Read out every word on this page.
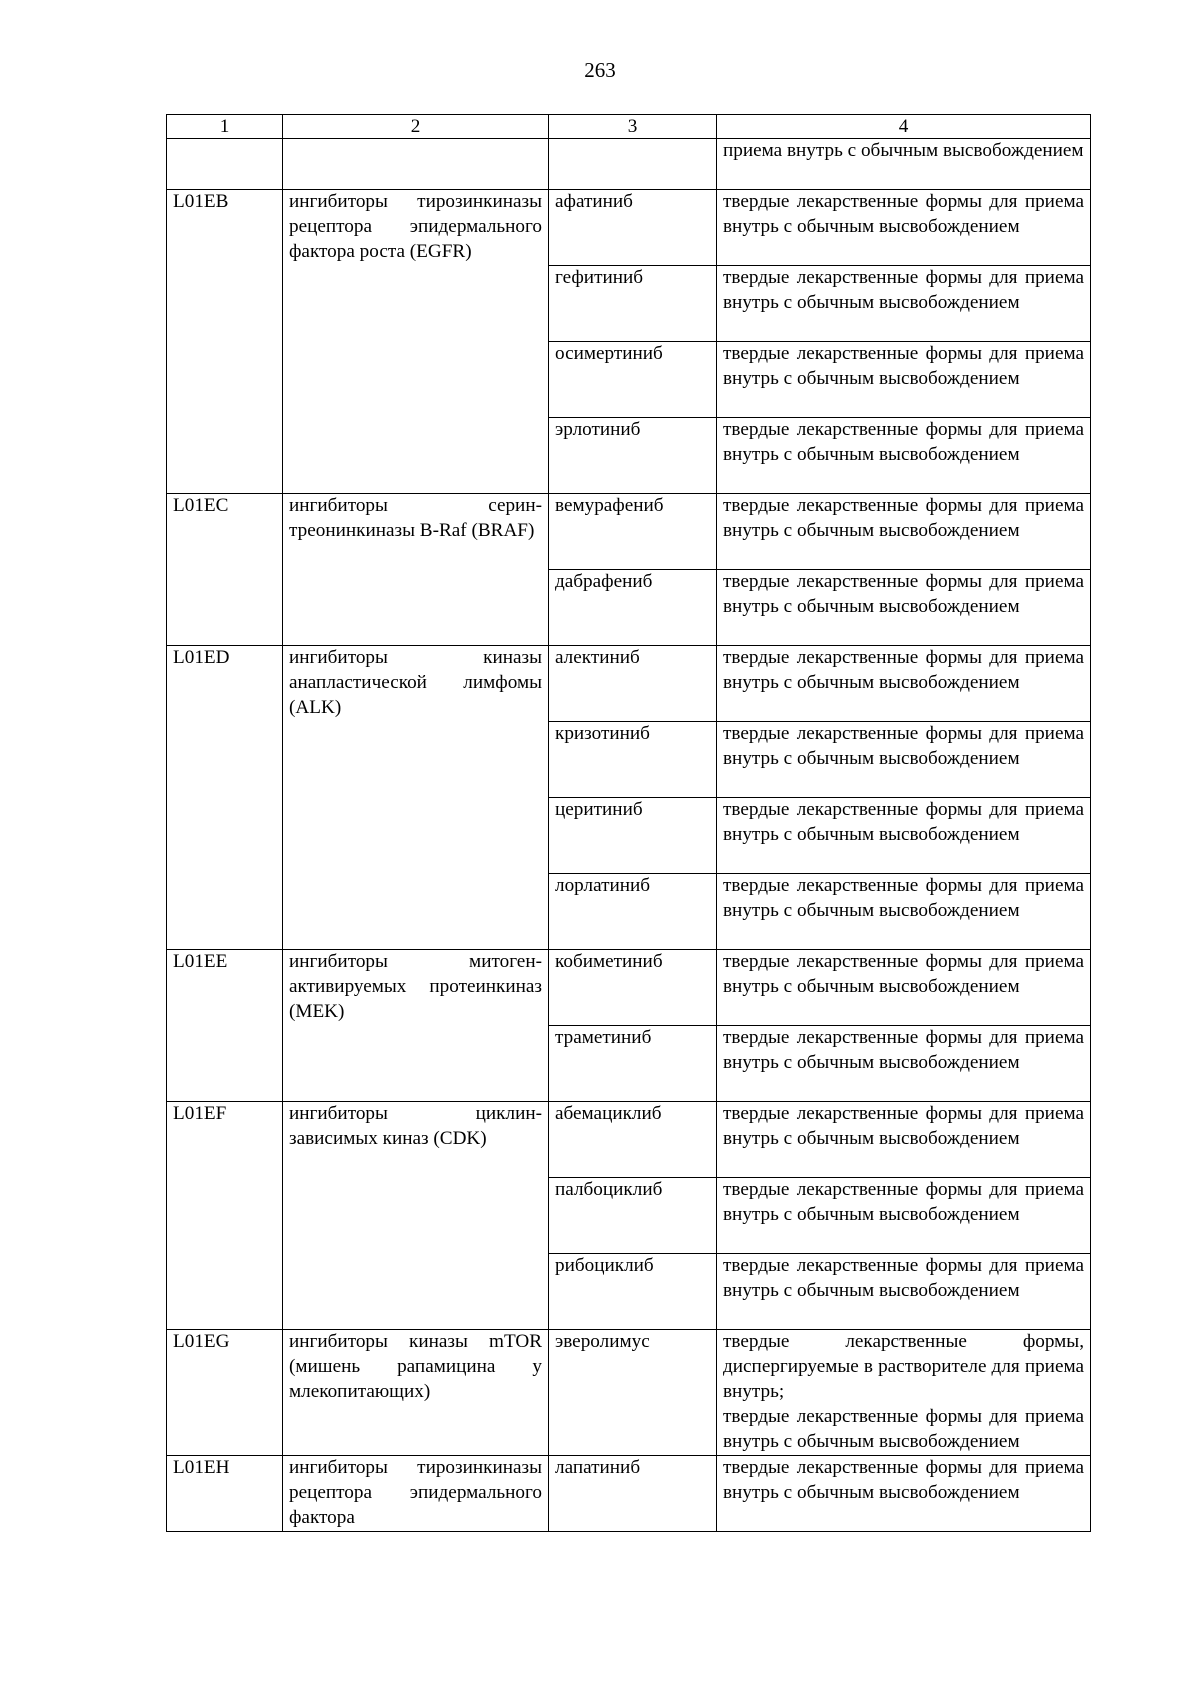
263
1	2	3	4
			приема внутрь с обычным высвобождением
L01EB	ингибиторы тирозинкиназы рецептора эпидермального фактора роста (EGFR)	афатиниб	твердые лекарственные формы для приема внутрь с обычным высвобождением
		гефитиниб	твердые лекарственные формы для приема внутрь с обычным высвобождением
		осимертиниб	твердые лекарственные формы для приема внутрь с обычным высвобождением
		эрлотиниб	твердые лекарственные формы для приема внутрь с обычным высвобождением
L01EC	ингибиторы серин-треонинкиназы B-Raf (BRAF)	вемурафениб	твердые лекарственные формы для приема внутрь с обычным высвобождением
		дабрафениб	твердые лекарственные формы для приема внутрь с обычным высвобождением
L01ED	ингибиторы киназы анапластической лимфомы (ALK)	алектиниб	твердые лекарственные формы для приема внутрь с обычным высвобождением
		кризотиниб	твердые лекарственные формы для приема внутрь с обычным высвобождением
		церитиниб	твердые лекарственные формы для приема внутрь с обычным высвобождением
		лорлатиниб	твердые лекарственные формы для приема внутрь с обычным высвобождением
L01EE	ингибиторы митоген-активируемых протеинкиназ (MEK)	кобиметиниб	твердые лекарственные формы для приема внутрь с обычным высвобождением
		траметиниб	твердые лекарственные формы для приема внутрь с обычным высвобождением
L01EF	ингибиторы циклин-зависимых киназ (CDK)	абемациклиб	твердые лекарственные формы для приема внутрь с обычным высвобождением
		палбоциклиб	твердые лекарственные формы для приема внутрь с обычным высвобождением
		рибоциклиб	твердые лекарственные формы для приема внутрь с обычным высвобождением
L01EG	ингибиторы киназы mTOR (мишень рапамицина у млекопитающих)	эверолимус	твердые лекарственные формы, диспергируемые в растворителе для приема внутрь;
твердые лекарственные формы для приема внутрь с обычным высвобождением

L01EH	ингибиторы тирозинкиназы рецептора эпидермального фактора	лапатиниб	твердые лекарственные формы для приема внутрь с обычным высвобождением
